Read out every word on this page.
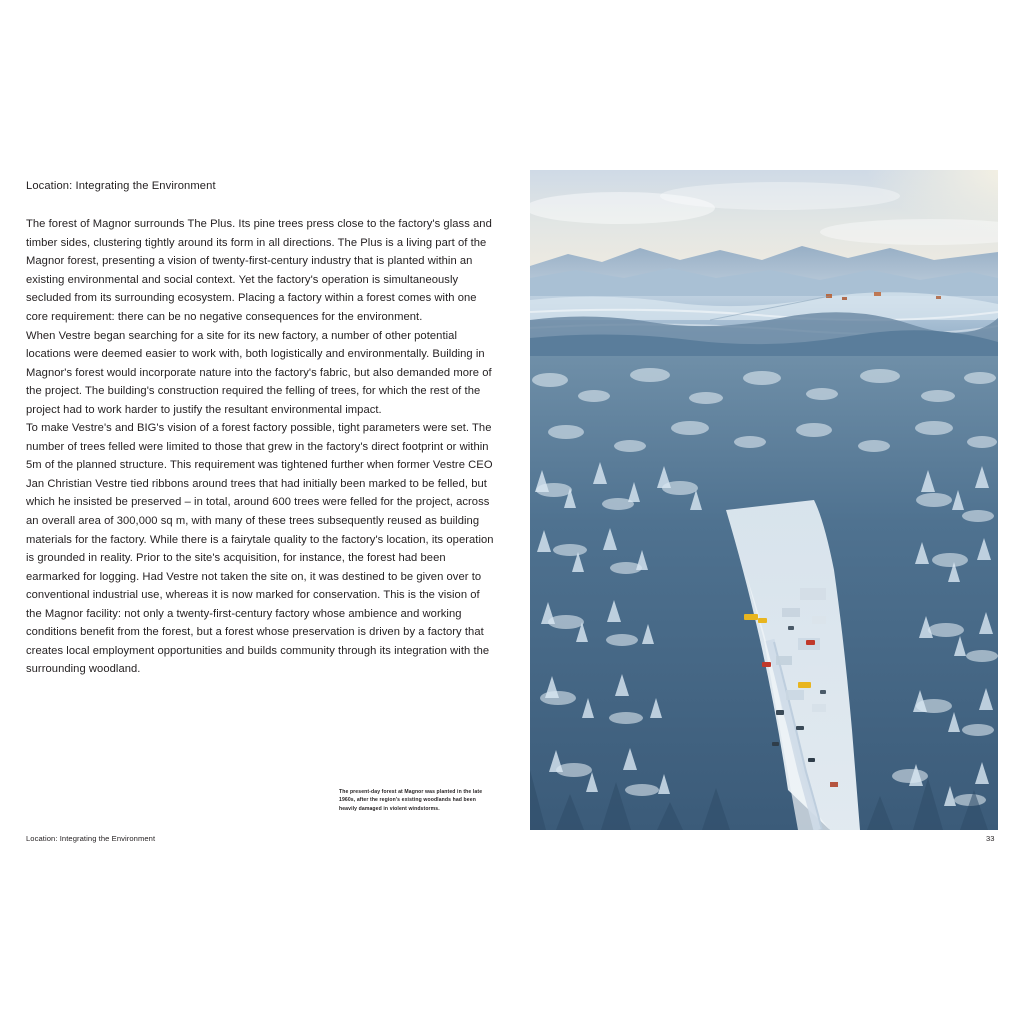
Location: Integrating the Environment

The forest of Magnor surrounds The Plus. Its pine trees press close to the factory's glass and timber sides, clustering tightly around its form in all directions. The Plus is a living part of the Magnor forest, presenting a vision of twenty-first-century industry that is planted within an existing environmental and social context. Yet the factory's operation is simultaneously secluded from its surrounding ecosystem. Placing a factory within a forest comes with one core requirement: there can be no negative consequences for the environment.

When Vestre began searching for a site for its new factory, a number of other potential locations were deemed easier to work with, both logistically and environmentally. Building in Magnor's forest would incorporate nature into the factory's fabric, but also demanded more of the project. The building's construction required the felling of trees, for which the rest of the project had to work harder to justify the resultant environmental impact.

To make Vestre's and BIG's vision of a forest factory possible, tight parameters were set. The number of trees felled were limited to those that grew in the factory's direct footprint or within 5m of the planned structure. This requirement was tightened further when former Vestre CEO Jan Christian Vestre tied ribbons around trees that had initially been marked to be felled, but which he insisted be preserved – in total, around 600 trees were felled for the project, across an overall area of 300,000 sq m, with many of these trees subsequently reused as building materials for the factory. While there is a fairytale quality to the factory's location, its operation is grounded in reality. Prior to the site's acquisition, for instance, the forest had been earmarked for logging. Had Vestre not taken the site on, it was destined to be given over to conventional industrial use, whereas it is now marked for conservation. This is the vision of the Magnor facility: not only a twenty-first-century factory whose ambience and working conditions benefit from the forest, but a forest whose preservation is driven by a factory that creates local employment opportunities and builds community through its integration with the surrounding woodland.

The present-day forest at Magnor was planted in the late 1960s, after the region's existing woodlands had been heavily damaged in violent windstorms.
Location: Integrating the Environment	33
